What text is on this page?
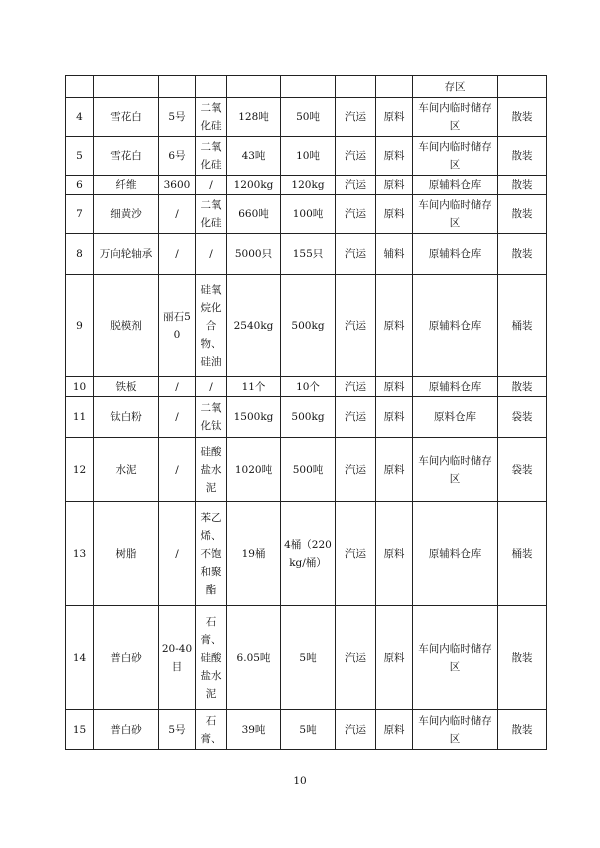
								存区	
4	雪花白	5号	二氧化硅	128吨	50吨	汽运	原料	车间内临时储存区	散装
5	雪花白	6号	二氧化硅	43吨	10吨	汽运	原料	车间内临时储存区	散装
6	纤维	3600	/	1200kg	120kg	汽运	原料	原辅料仓库	散装
7	细黄沙	/	二氧化硅	660吨	100吨	汽运	原料	车间内临时储存区	散装
8	万向轮轴承	/	/	5000只	155只	汽运	辅料	原辅料仓库	散装
9	脱模剂	丽石50	硅氧烷化合物、硅油	2540kg	500kg	汽运	原料	原辅料仓库	桶装
10	铁板	/	/	11个	10个	汽运	原料	原辅料仓库	散装
11	钛白粉	/	二氧化钛	1500kg	500kg	汽运	原料	原料仓库	袋装
12	水泥	/	硅酸盐水泥	1020吨	500吨	汽运	原料	车间内临时储存区	袋装
13	树脂	/	苯乙烯、不饱和聚酯	19桶	4桶（220kg/桶）	汽运	原料	原辅料仓库	桶装
14	普白砂	20-40目	石膏、硅酸盐水泥	6.05吨	5吨	汽运	原料	车间内临时储存区	散装
15	普白砂	5号	石膏、	39吨	5吨	汽运	原料	车间内临时储存区	散装
10
